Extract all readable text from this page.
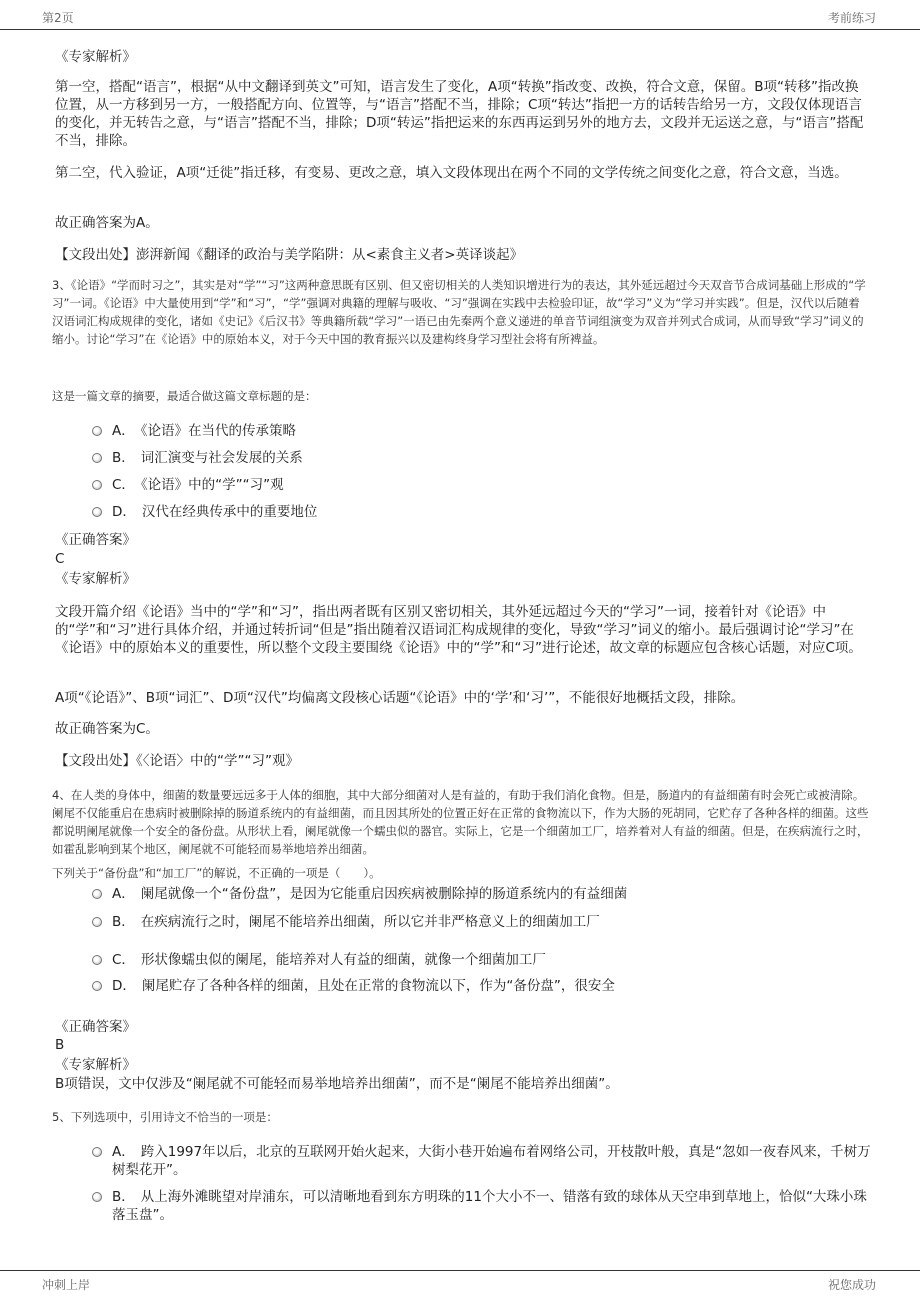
第2页	考前练习
《专家解析》
第一空，搭配“语言”，根据“从中文翻译到英文”可知，语言发生了变化，A项“转换”指改变、改换，符合文意，保留。B项“转移”指改换位置，从一方移到另一方，一般搭配方向、位置等，与“语言”搭配不当，排除；C项“转达”指把一方的话转告给另一方，文段仅体现语言的变化，并无转告之意，与“语言”搭配不当，排除；D项“转运”指把运来的东西再运到另外的地方去，文段并无运送之意，与“语言”搭配不当，排除。
第二空，代入验证，A项“迁徙”指迁移，有变易、更改之意，填入文段体现出在两个不同的文学传统之间变化之意，符合文意，当选。
故正确答案为A。
【文段出处】澎湃新闻《翻译的政治与美学陷阱：从<素食主义者>英译谈起》
3、《论语》“学而时习之”，其实是对“学”“习”这两种意思既有区别、但又密切相关的人类知识增进行为的表达，其外延远超过今天双音节合成词基础上形成的“学习”一词。《论语》中大量使用到“学”和“习”，“学”强调对典籍的理解与吸收、“习”强调在实践中去检验印证，故“学习”义为“学习并实践”。但是，汉代以后随着汉语词汇构成规律的变化，诸如《史记》《后汉书》等典籍所载“学习”一语已由先秦两个意义递进的单音节词组演变为双音并列式合成词，从而导致“学习”词义的缩小。讨论“学习”在《论语》中的原始本义，对于今天中国的教育振兴以及建构终身学习型社会将有所裨益。
这是一篇文章的摘要，最适合做这篇文章标题的是：
A． 《论语》在当代的传承策略
B． 词汇演变与社会发展的关系
C． 《论语》中的“学”“习”观
D． 汉代在经典传承中的重要地位
《正确答案》
C
《专家解析》
文段开篇介绍《论语》当中的“学”和“习”，指出两者既有区别又密切相关，其外延远超过今天的“学习”一词，接着针对《论语》中的“学”和“习”进行具体介绍，并通过转折词“但是”指出随着汉语词汇构成规律的变化，导致“学习”词义的缩小。最后强调讨论“学习”在《论语》中的原始本义的重要性，所以整个文段主要围绕《论语》中的“学”和“习”进行论述，故文章的标题应包含核心话题，对应C项。
A项“《论语》”、B项“词汇”、D项“汉代”均偏离文段核心话题“《论语》中的‘学’和‘习’”，不能很好地概括文段，排除。
故正确答案为C。
【文段出处】《〈论语〉中的“学”“习”观》
4、在人类的身体中，细菌的数量要远远多于人体的细胞，其中大部分细菌对人是有益的，有助于我们消化食物。但是，肠道内的有益细菌有时会死亡或被清除。阑尾不仅能重启在患病时被删除掉的肠道系统内的有益细菌，而且因其所处的位置正好在正常的食物流以下，作为大肠的死胡同，它贮存了各种各样的细菌。这些都说明阑尾就像一个安全的备份盘。从形状上看，阑尾就像一个蠕虫似的器官。实际上，它是一个细菌加工厂，培养着对人有益的细菌。但是，在疾病流行之时，如霍乱影响到某个地区，阑尾就不可能轻而易举地培养出细菌。
下列关于“备份盘”和“加工厂”的解说，不正确的一项是（　　）。
A． 阑尾就像一个“备份盘”，是因为它能重启因疾病被删除掉的肠道系统内的有益细菌
B． 在疾病流行之时，阑尾不能培养出细菌，所以它并非严格意义上的细菌加工厂
C． 形状像蠕虫似的阑尾，能培养对人有益的细菌，就像一个细菌加工厂
D． 阑尾贮存了各种各样的细菌，且处在正常的食物流以下，作为“备份盘”，很安全
《正确答案》
B
《专家解析》
B项错误，文中仅涉及“阑尾就不可能轻而易举地培养出细菌”，而不是“阑尾不能培养出细菌”。
5、下列选项中，引用诗文不恰当的一项是：
A． 跨入1997年以后，北京的互联网开始火起来，大街小巷开始遍布着网络公司，开枝散叶般，真是“忽如一夜春风来，千树万树梨花开”。
B． 从上海外滩眺望对岸浦东，可以清晰地看到东方明珠的11个大小不一、错落有致的球体从天空串到草地上，恰似“大珠小珠落玉盘”。
冲刺上岸	祝您成功
